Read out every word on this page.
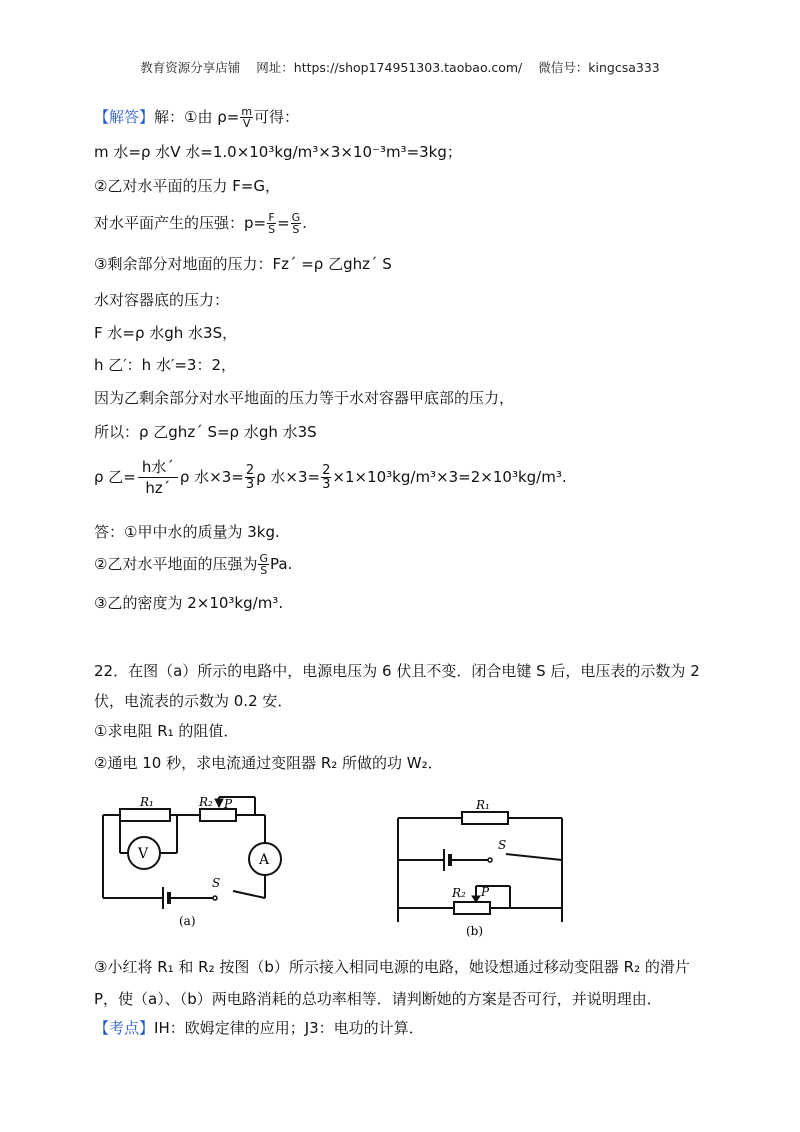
教育资源分享店铺 网址：https://shop174951303.taobao.com/ 微信号：kingcsa333
【解答】解：①由 $\rho= \frac{m}{V}$ 可得：
m 水=ρ 水V 水=1.0×10³kg/m³×3×10⁻³m³=3kg；
②乙对水平面的压力 F=G，
对水平面产生的压强：$p= \frac{F}{S} = \frac{G}{S}$ .
③剩余部分对地面的压力：Fz´ =ρ 乙ghz´ S
水对容器底的压力：
F 水=ρ 水gh 水3S，
h 乙′：h 水′=3：2，
因为乙剩余部分对水平地面的压力等于水对容器甲底部的压力，
所以：ρ 乙ghz´ S=ρ 水gh 水3S
ρ 乙=
h水´
hz´
ρ 水$\times 3= \frac{2}{3}$ ρ 水$\times 3= \frac{2}{3} \times 1\times 10^3kg/m^3\times 3=2\times 10^3kg/m^3$.
答：①甲中水的质量为 3kg.
②乙对水平地面的压强为 $\frac{G}{S} Pa$.
③乙的密度为 2×10³kg/m³.
22．在图（a）所示的电路中，电源电压为 6 伏且不变．闭合电键 S 后，电压表的示数为 2 伏，电流表的示数为 0.2 安．
①求电阻 R₁ 的阻值．
②通电 10 秒，求电流通过变阻器 R₂ 所做的功 W₂．
R₁	R₂ P
V	A
S
(a)
R₁
R₂ P
S
(b)
③小红将 R₁ 和 R₂ 按图（b）所示接入相同电源的电路，她设想通过移动变阻器 R₂ 的滑片 P，使（a）、（b）两电路消耗的总功率相等．请判断她的方案是否可行，并说明理由．
【考点】IH：欧姆定律的应用；J3：电功的计算．
